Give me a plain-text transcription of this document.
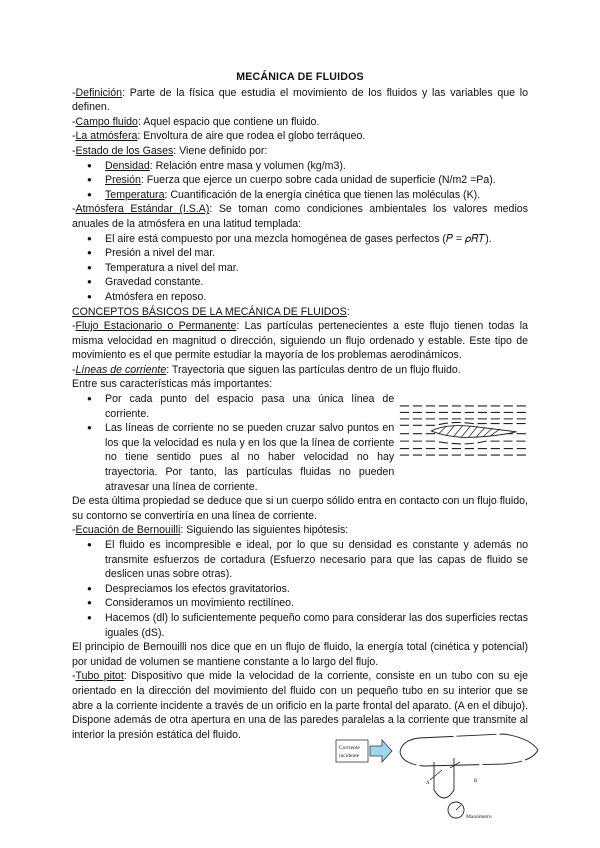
MECÁNICA DE FLUIDOS

-Definición: Parte de la física que estudia el movimiento de los fluidos y las variables que lo definen.

-Campo fluido: Aquel espacio que contiene un fluido.

-La atmósfera: Envoltura de aire que rodea el globo terráqueo.

-Estado de los Gases: Viene definido por:

● Densidad: Relación entre masa y volumen (kg/m3).
● Presión: Fuerza que ejerce un cuerpo sobre cada unidad de superficie (N/m2 =Pa).
● Temperatura: Cuantificación de la energía cinética que tienen las moléculas (K).

-Atmósfera Estándar (I.S.A): Se toman como condiciones ambientales los valores medios anuales de la atmósfera en una latitud templada:

● El aire está compuesto por una mezcla homogénea de gases perfectos (𝑃 = 𝜌𝑅𝑇).
● Presión a nivel del mar.
● Temperatura a nivel del mar.
● Gravedad constante.
● Atmósfera en reposo.

CONCEPTOS BÁSICOS DE LA MECÁNICA DE FLUIDOS:

-Flujo Estacionario o Permanente: Las partículas pertenecientes a este flujo tienen todas la misma velocidad en magnitud o dirección, siguiendo un flujo ordenado y estable. Este tipo de movimiento es el que permite estudiar la mayoría de los problemas aerodinámicos.

-Líneas de corriente: Trayectoria que siguen las partículas dentro de un flujo fluido.

Entre sus características más importantes:

● Por cada punto del espacio pasa una única línea de corriente.
● Las líneas de corriente no se pueden cruzar salvo puntos en los que la velocidad es nula y en los que la línea de corriente no tiene sentido pues al no haber velocidad no hay trayectoria. Por tanto, las partículas fluidas no pueden atravesar una línea de corriente.

De esta última propiedad se deduce que si un cuerpo sólido entra en contacto con un flujo fluido, su contorno se convertiría en una línea de corriente.

-Ecuación de Bernouilli: Siguiendo las siguientes hipótesis:

● El fluido es incompresible e ideal, por lo que su densidad es constante y además no transmite esfuerzos de cortadura (Esfuerzo necesario para que las capas de fluido se deslicen unas sobre otras).
● Despreciamos los efectos gravitatorios.
● Consideramos un movimiento rectilíneo.
● Hacemos (dl) lo suficientemente pequeño como para considerar las dos superficies rectas iguales (dS).

El principio de Bernouilli nos dice que en un flujo de fluido, la energía total (cinética y potencial) por unidad de volumen se mantiene constante a lo largo del flujo.

-Tubo pitot: Dispositivo que mide la velocidad de la corriente, consiste en un tubo con su eje orientado en la dirección del movimiento del fluido con un pequeño tubo en su interior que se abre a la corriente incidente a través de un orificio en la parte frontal del aparato. (A en el dibujo). Dispone además de otra apertura en una de las paredes paralelas a la corriente que transmite al interior la presión estática del fluido.

Corriente
incidente
A	B
Manómetro
